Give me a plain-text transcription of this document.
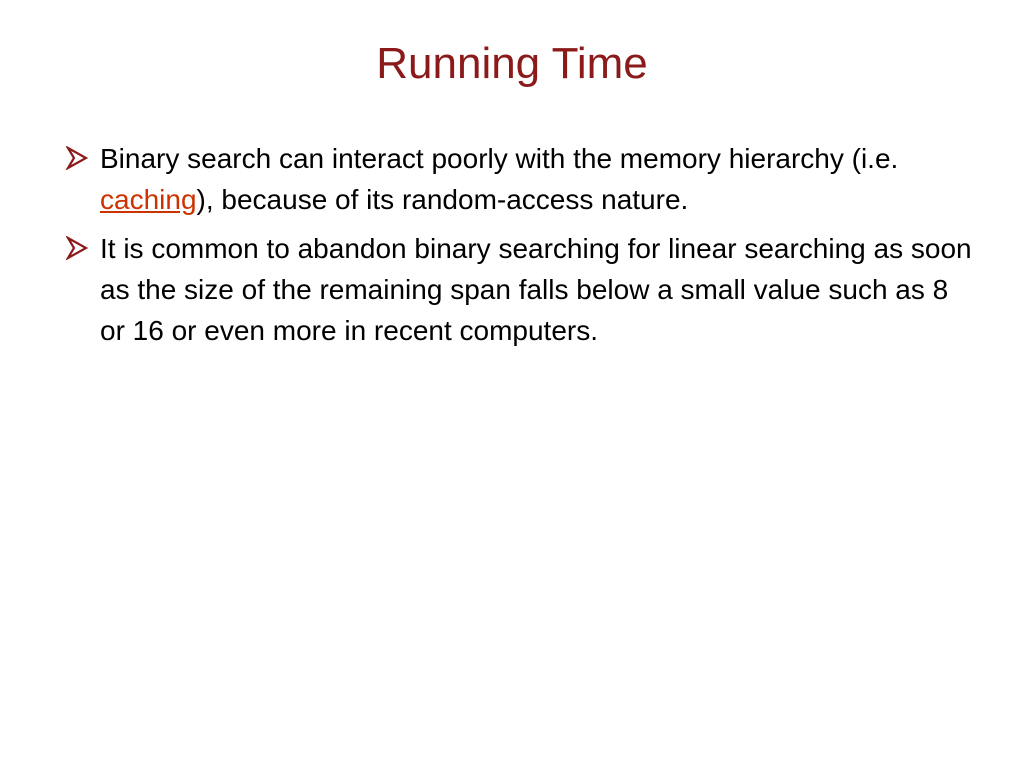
Running Time
Binary search can interact poorly with the memory hierarchy (i.e. caching), because of its random-access nature.
It is common to abandon binary searching for linear searching as soon as the size of the remaining span falls below a small value such as 8 or 16 or even more in recent computers.
